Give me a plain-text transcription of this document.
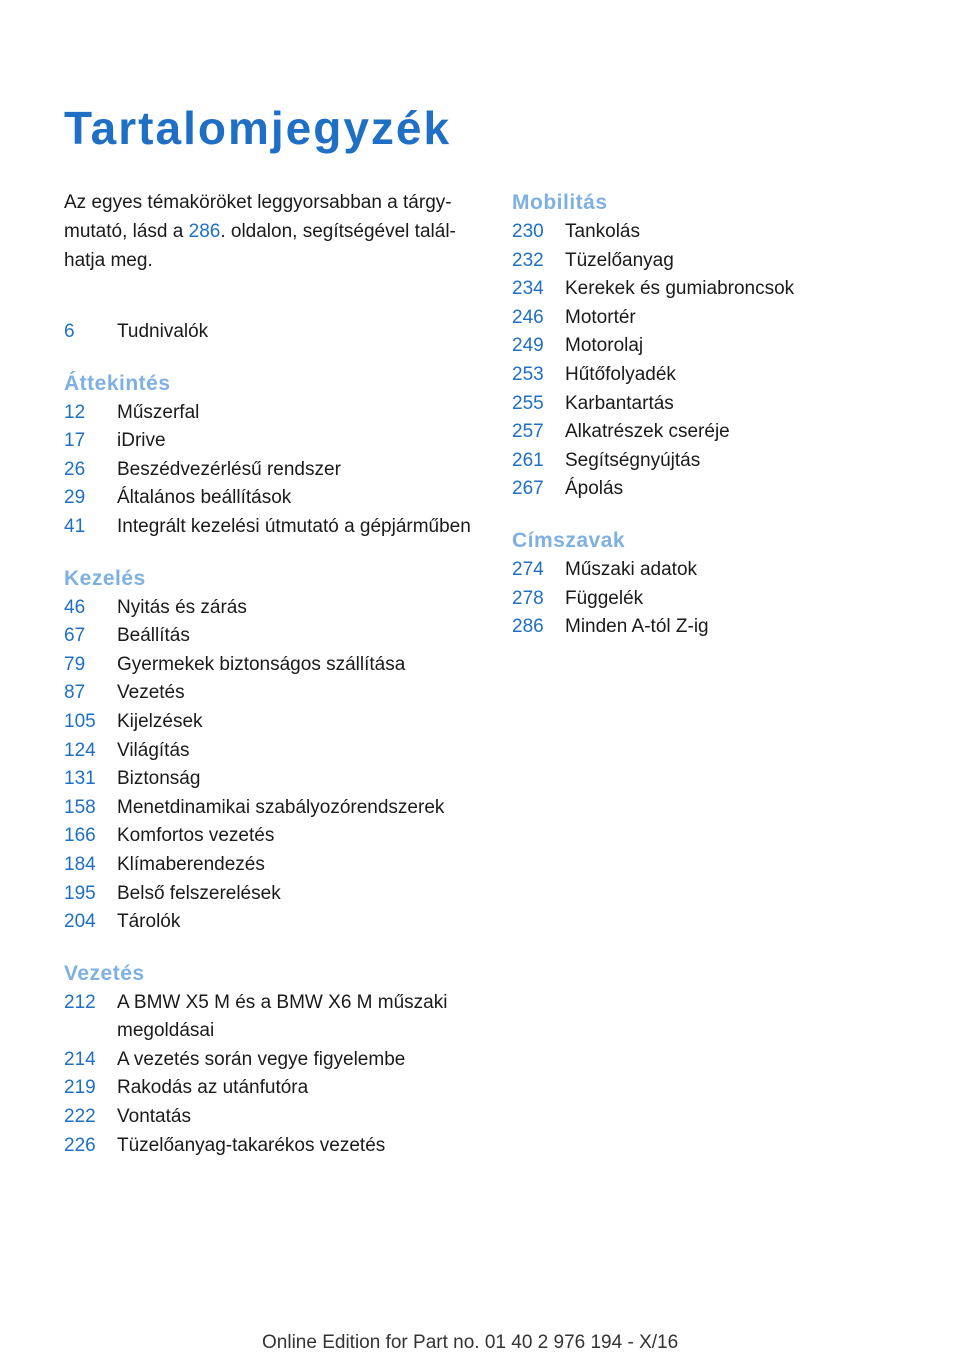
Tartalomjegyzék

Az egyes témaköröket leggyorsabban a tárgy-mutató, lásd a 286. oldalon, segítségével talál-hatja meg.

6	Tudnivalók
Áttekintés
12	Műszerfal
17	iDrive
26	Beszédvezérlésű rendszer
29	Általános beállítások
41	Integrált kezelési útmutató a gépjárműben
Kezelés
46	Nyitás és zárás
67	Beállítás
79	Gyermekek biztonságos szállítása
87	Vezetés
105	Kijelzések
124	Világítás
131	Biztonság
158	Menetdinamikai szabályozórendszerek
166	Komfortos vezetés
184	Klímaberendezés
195	Belső felszerelések
204	Tárolók
Vezetés
212	A BMW X5 M és a BMW X6 M műszaki megoldásai
214	A vezetés során vegye figyelembe
219	Rakodás az utánfutóra
222	Vontatás
226	Tüzelőanyag-takarékos vezetés
Mobilitás
230	Tankolás
232	Tüzelőanyag
234	Kerekek és gumiabroncsok
246	Motortér
249	Motorolaj
253	Hűtőfolyadék
255	Karbantartás
257	Alkatrészek cseréje
261	Segítségnyújtás
267	Ápolás
Címszavak
274	Műszaki adatok
278	Függelék
286	Minden A-tól Z-ig
Online Edition for Part no. 01 40 2 976 194 - X/16
